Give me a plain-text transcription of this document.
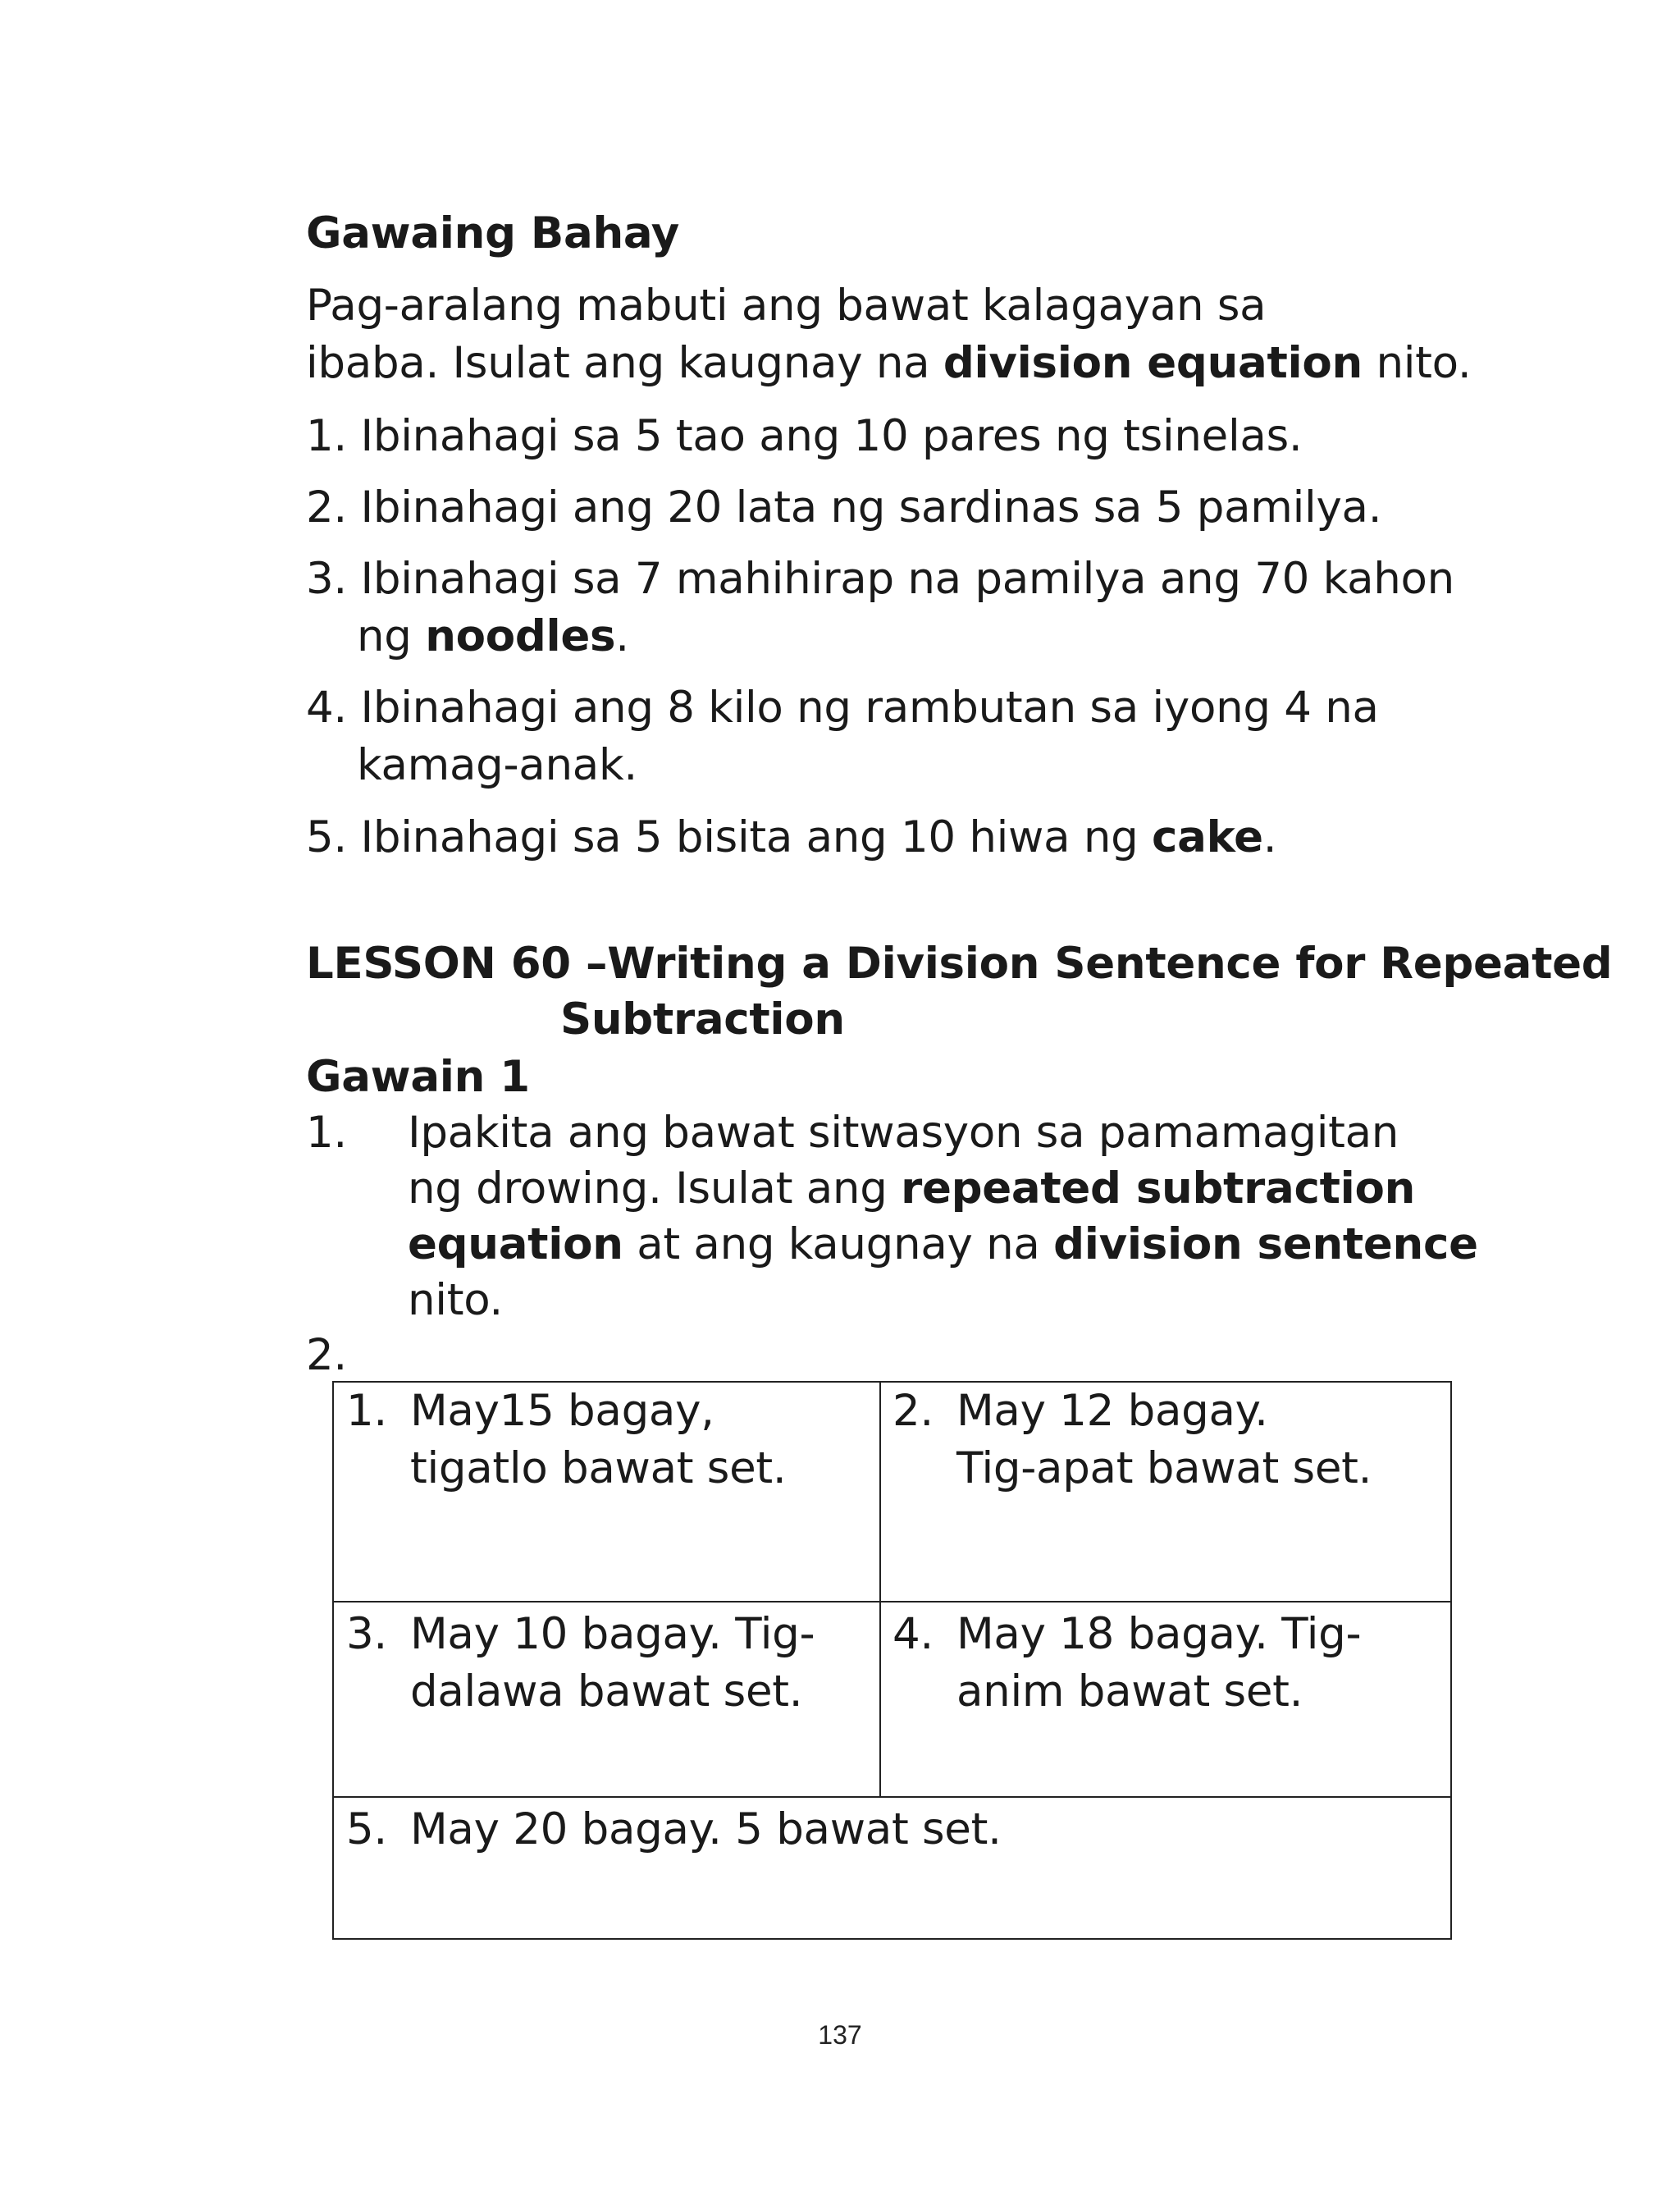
Gawaing Bahay
Pag-aralang mabuti ang bawat kalagayan sa
ibaba. Isulat ang kaugnay na division equation nito.
1. Ibinahagi sa 5 tao ang 10 pares ng tsinelas.
2. Ibinahagi ang 20 lata ng sardinas sa 5 pamilya.
3. Ibinahagi sa 7 mahihirap na pamilya ang 70 kahon
ng noodles.
4. Ibinahagi ang 8 kilo ng rambutan sa iyong 4 na
kamag-anak.
5. Ibinahagi sa 5 bisita ang 10 hiwa ng cake.
LESSON 60 –Writing a Division Sentence for Repeated
Subtraction
Gawain 1
1. Ipakita ang bawat sitwasyon sa pamamagitan
ng drowing. Isulat ang repeated subtraction
equation at ang kaugnay na division sentence
nito.
2.
1. May15 bagay,
tigatlo bawat set.
2. May 12 bagay.
Tig-apat bawat set.
3. May 10 bagay. Tig-
dalawa bawat set.
4. May 18 bagay. Tig-
anim bawat set.
5. May 20 bagay. 5 bawat set.
137
